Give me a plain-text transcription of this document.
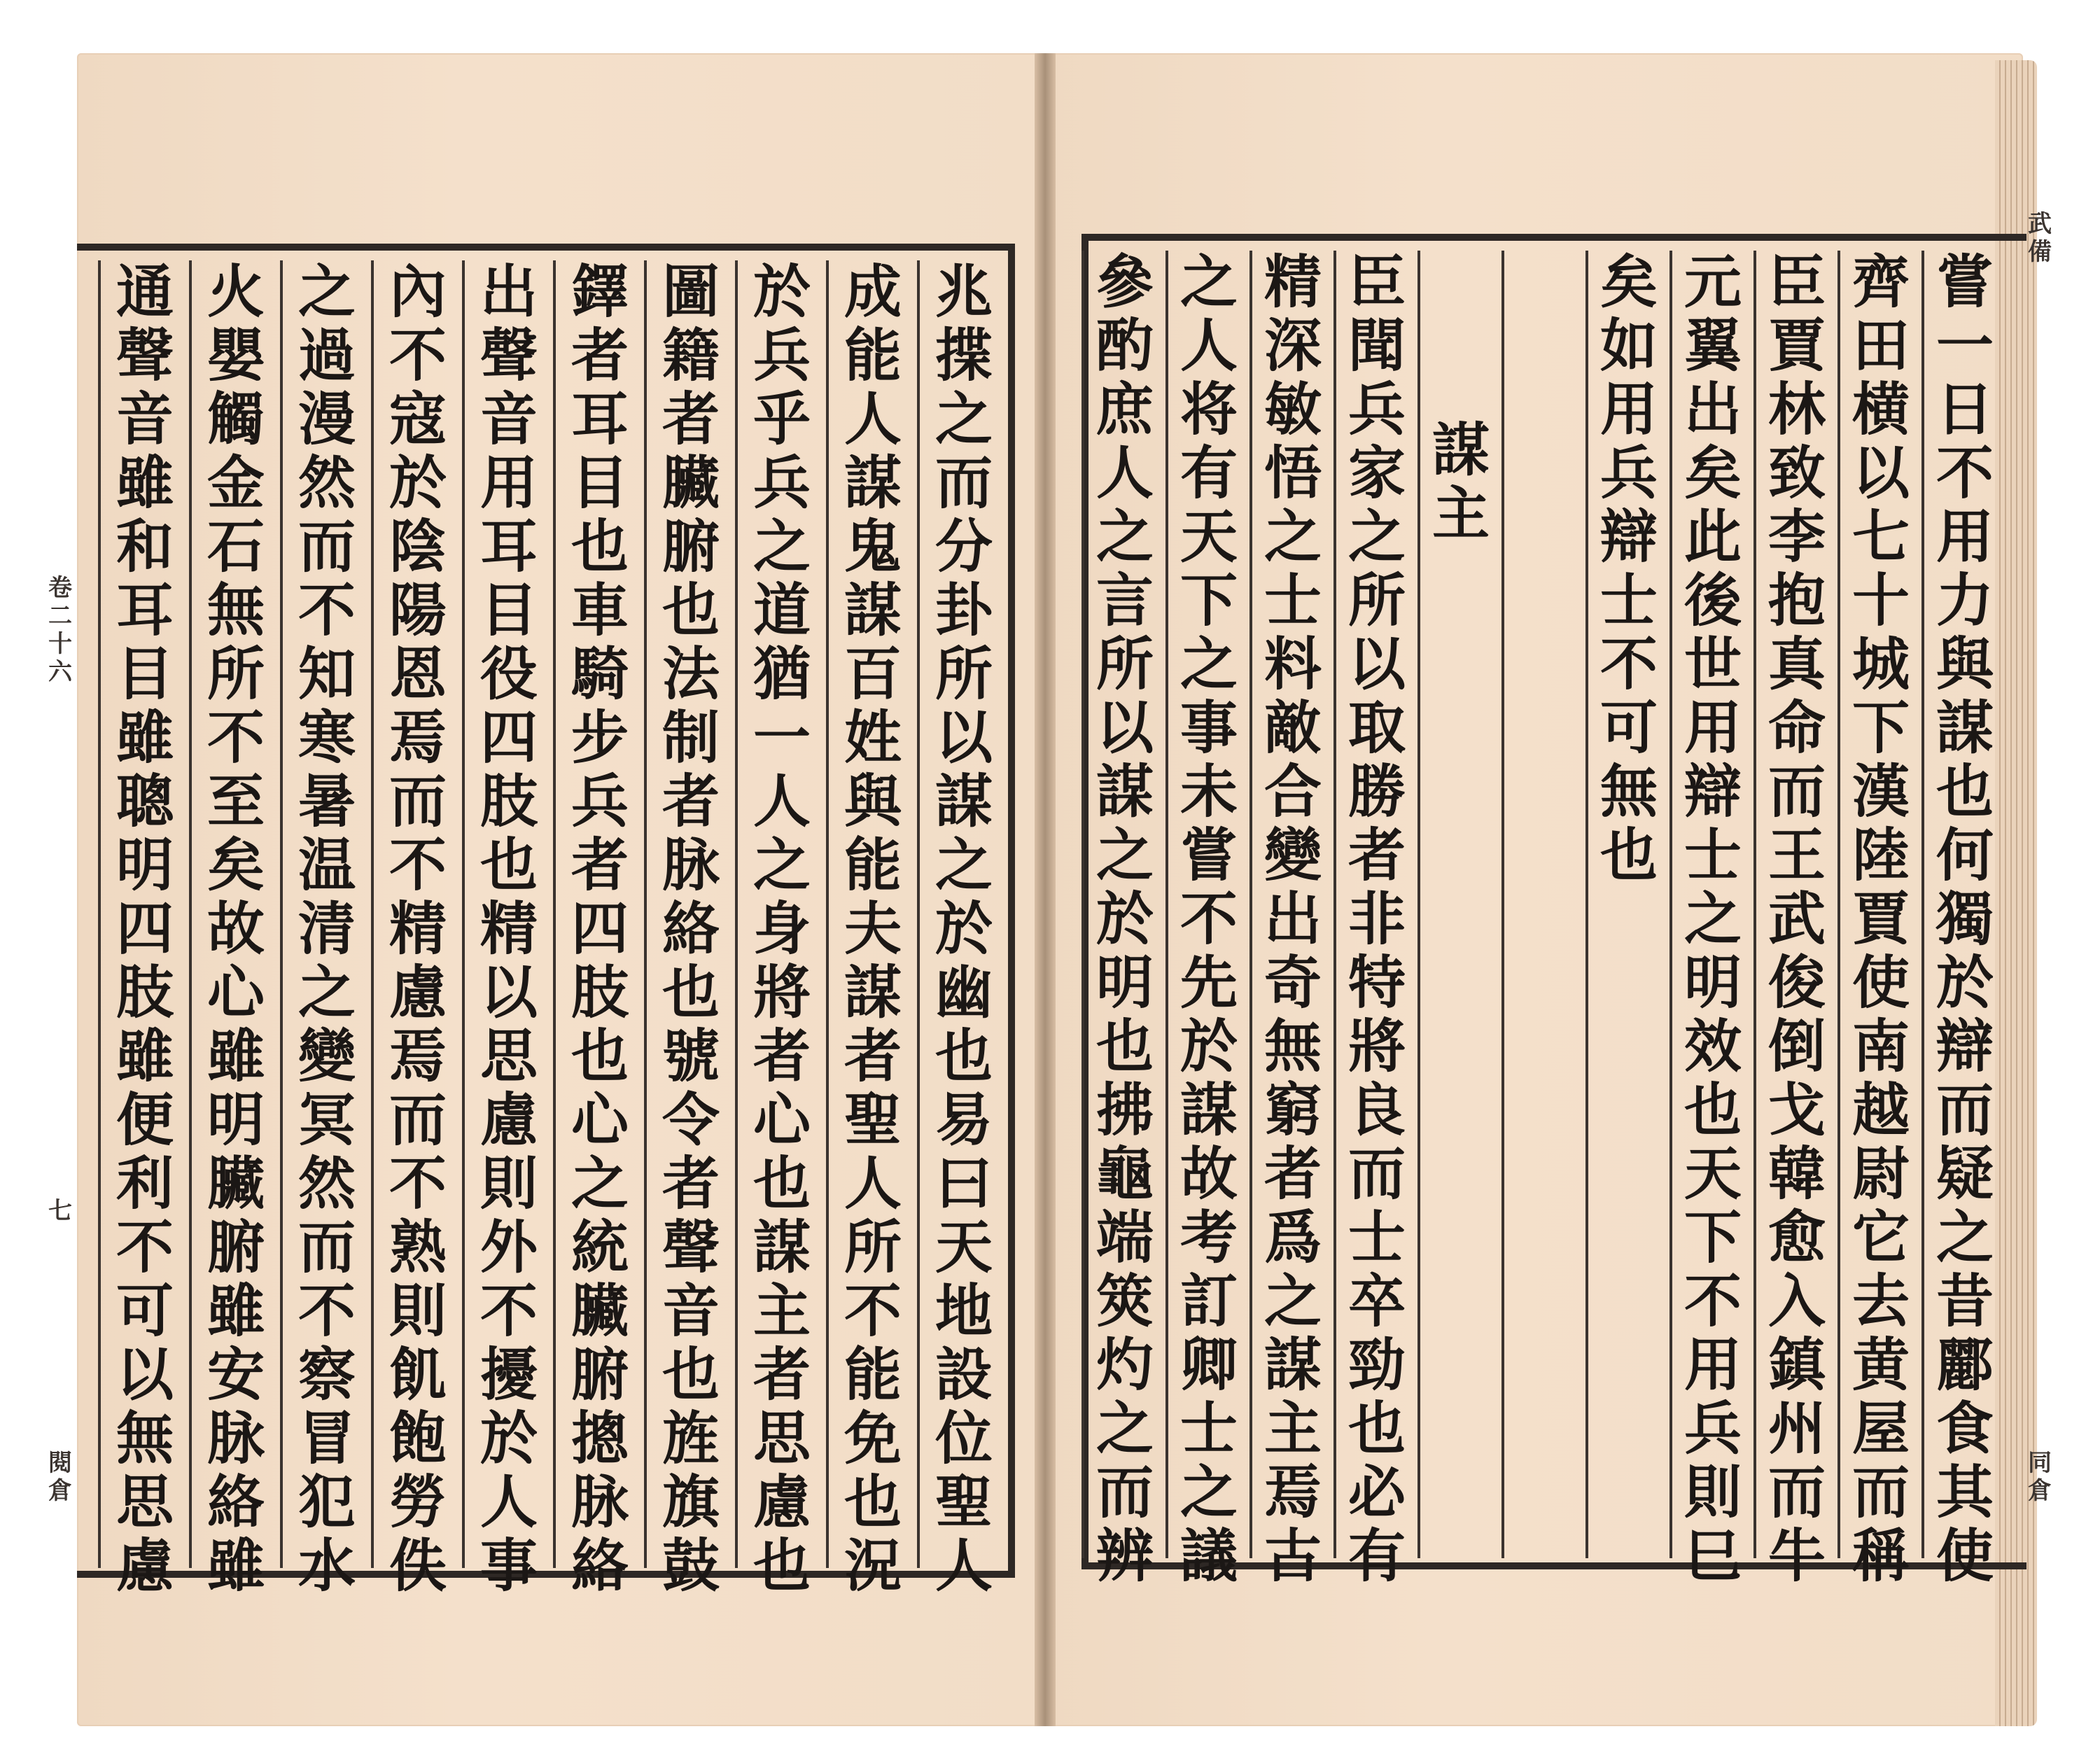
嘗
一
日
不
用
力
與
謀
也
何
獨
於
辯
而
疑
之
昔
酈
食
其
使
齊
田
横
以
七
十
城
下
漢
陸
賈
使
南
越
尉
它
去
黄
屋
而
稱
臣
賈
林
致
李
抱
真
命
而
王
武
俊
倒
戈
韓
愈
入
鎮
州
而
牛
元
翼
出
矣
此
後
世
用
辯
士
之
明
效
也
天
下
不
用
兵
則
巳
矣
如
用
兵
辯
士
不
可
無
也
謀
主
臣
聞
兵
家
之
所
以
取
勝
者
非
特
將
良
而
士
卒
勁
也
必
有
精
深
敏
悟
之
士
料
敵
合
變
出
奇
無
窮
者
爲
之
謀
主
焉
古
之
人
将
有
天
下
之
事
未
嘗
不
先
於
謀
故
考
訂
卿
士
之
議
參
酌
庶
人
之
言
所
以
謀
之
於
明
也
拂
龜
端
筴
灼
之
而
辨
兆
揲
之
而
分
卦
所
以
謀
之
於
幽
也
易
曰
天
地
設
位
聖
人
成
能
人
謀
鬼
謀
百
姓
與
能
夫
謀
者
聖
人
所
不
能
免
也
況
於
兵
乎
兵
之
道
猶
一
人
之
身
將
者
心
也
謀
主
者
思
慮
也
圖
籍
者
臟
腑
也
法
制
者
脉
絡
也
號
令
者
聲
音
也
旌
旗
鼓
鐸
者
耳
目
也
車
騎
步
兵
者
四
肢
也
心
之
統
臟
腑
摠
脉
絡
出
聲
音
用
耳
目
役
四
肢
也
精
以
思
慮
則
外
不
擾
於
人
事
內
不
寇
於
陰
陽
恩
焉
而
不
精
慮
焉
而
不
熟
則
飢
飽
勞
佚
之
過
漫
然
而
不
知
寒
暑
温
清
之
變
冥
然
而
不
察
冒
犯
水
火
嬰
觸
金
石
無
所
不
至
矣
故
心
雖
明
臟
腑
雖
安
脉
絡
雖
通
聲
音
雖
和
耳
目
雖
聰
明
四
肢
雖
便
利
不
可
以
無
思
慮
武備
同倉
卷二十六
七
閱倉
